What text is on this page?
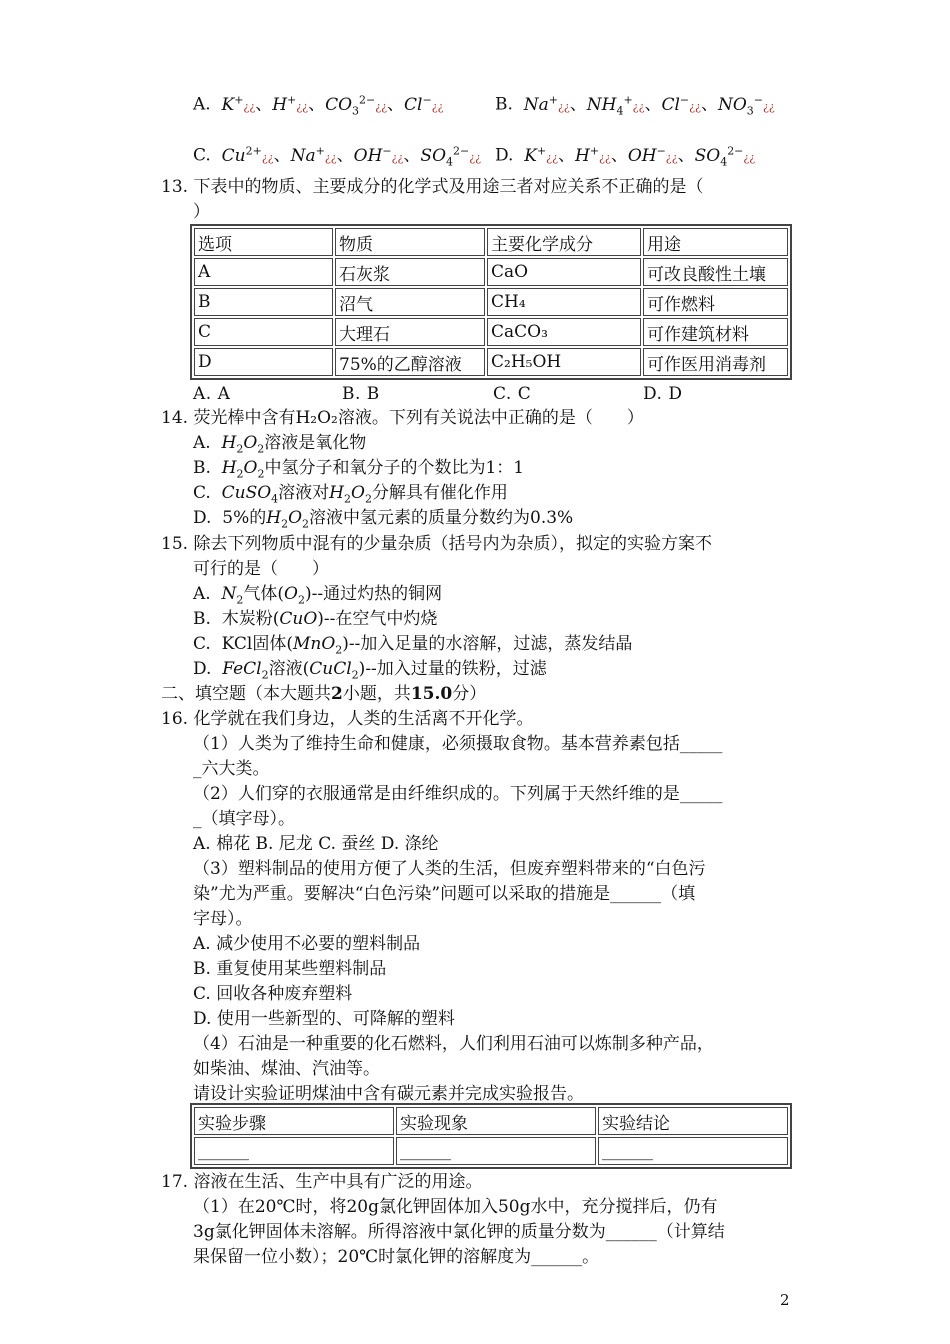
A. K+¿¿、H+¿¿、$CO_3^{2-}¿¿$、Cl−¿¿	B. Na+¿¿、$NH_4^+¿¿$、Cl−¿¿、$NO_3^-¿¿$
C. $Cu^{2+}¿¿$、Na+¿¿、OH−¿¿、$SO_4^{2-}¿¿$ D. K+¿¿、H+¿¿、OH−¿¿、$SO_4^{2-}¿¿$
13. 下表中的物质、主要成分的化学式及用途三者对应关系不正确的是（
）
选项	物质	主要化学成分	用途
A	石灰浆	CaO	可改良酸性土壤
B	沼气	CH₄	可作燃料
C	大理石	CaCO₃	可作建筑材料
D	75%的乙醇溶液	C₂H₅OH	可作医用消毒剂
A. A	B. B	C. C	D. D
14. 荧光棒中含有H₂O₂溶液。下列有关说法中正确的是（　　）
A.  $H_2O_2$溶液是氧化物
B.  $H_2O_2$中氢分子和氧分子的个数比为1：1
C.  CuSO$_4$溶液对$H_2O_2$分解具有催化作用
D.  5%的$H_2O_2$溶液中氢元素的质量分数约为0.3%
15. 除去下列物质中混有的少量杂质（括号内为杂质），拟定的实验方案不
可行的是（　　）
A.  $N_2$气体$(O_2)--$通过灼热的铜网
B.  木炭粉(CuO)--在空气中灼烧
C.  KCl固体(MnO$_2$)--加入足量的水溶解，过滤，蒸发结晶
D.  FeCl$_2$溶液(CuCl$_2$)--加入过量的铁粉，过滤
二、填空题（本大题共2小题，共15.0分）
16. 化学就在我们身边，人类的生活离不开化学。
（1）人类为了维持生命和健康，必须摄取食物。基本营养素包括_____
_六大类。
（2）人们穿的衣服通常是由纤维织成的。下列属于天然纤维的是_____
_（填字母）。
A. 棉花 B. 尼龙 C. 蚕丝 D. 涤纶
（3）塑料制品的使用方便了人类的生活，但废弃塑料带来的“白色污
染”尤为严重。要解决“白色污染”问题可以采取的措施是______（填
字母）。
A. 减少使用不必要的塑料制品
B. 重复使用某些塑料制品
C. 回收各种废弃塑料
D. 使用一些新型的、可降解的塑料
（4）石油是一种重要的化石燃料，人们利用石油可以炼制多种产品，
如柴油、煤油、汽油等。
请设计实验证明煤油中含有碳元素并完成实验报告。
实验步骤	实验现象	实验结论
______	______	______
17. 溶液在生活、生产中具有广泛的用途。
（1）在20℃时，将20g氯化钾固体加入50g水中，充分搅拌后，仍有
3g氯化钾固体未溶解。所得溶液中氯化钾的质量分数为______（计算结
果保留一位小数）；20℃时氯化钾的溶解度为______。
2
